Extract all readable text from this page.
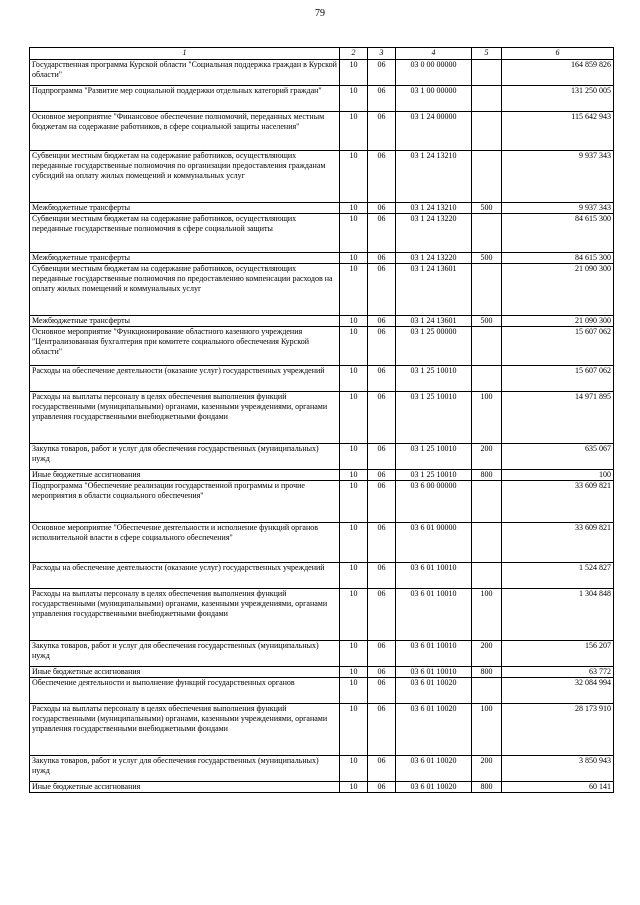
79
1	2	3	4	5	6
Государственная программа Курской области "Социальная поддержка граждан в Курской области"	10	06	03 0 00 00000		164 859 826
Подпрограмма "Развитие мер социальной поддержки отдельных категорий граждан"	10	06	03 1 00 00000		131 250 005
Основное мероприятие "Финансовое обеспечение полномочий, переданных местным бюджетам на содержание работников, в сфере социальной защиты населения"	10	06	03 1 24 00000		115 642 943
Субвенции местным бюджетам на содержание работников, осуществляющих переданные государственные полномочия по организации предоставления гражданам субсидий на оплату жилых помещений и коммунальных услуг	10	06	03 1 24 13210		9 937 343
Межбюджетные трансферты	10	06	03 1 24 13210	500	9 937 343
Субвенции местным бюджетам на содержание работников, осуществляющих переданные государственные полномочия в сфере социальной защиты	10	06	03 1 24 13220		84 615 300
Межбюджетные трансферты	10	06	03 1 24 13220	500	84 615 300
Субвенции местным бюджетам на содержание работников, осуществляющих переданные государственные полномочия по предоставлению компенсации расходов на оплату жилых помещений и коммунальных услуг	10	06	03 1 24 13601		21 090 300
Межбюджетные трансферты	10	06	03 1 24 13601	500	21 090 300
Основное мероприятие "Функционирование областного казенного учреждения "Централизованная бухгалтерия при комитете социального обеспечения Курской области"	10	06	03 1 25 00000		15 607 062
Расходы на обеспечение деятельности (оказание услуг) государственных учреждений	10	06	03 1 25 10010		15 607 062
Расходы на выплаты персоналу в целях обеспечения выполнения функций государственными (муниципальными) органами, казенными учреждениями, органами управления государственными внебюджетными фондами	10	06	03 1 25 10010	100	14 971 895
Закупка товаров, работ и услуг для обеспечения государственных (муниципальных) нужд	10	06	03 1 25 10010	200	635 067
Иные бюджетные ассигнования	10	06	03 1 25 10010	800	100
Подпрограмма "Обеспечение реализации государственной программы и прочие мероприятия в области социального обеспечения"	10	06	03 6 00 00000		33 609 821
Основное мероприятие "Обеспечение деятельности и исполнение функций органов исполнительной власти в сфере социального обеспечения"	10	06	03 6 01 00000		33 609 821
Расходы на обеспечение деятельности (оказание услуг) государственных учреждений	10	06	03 6 01 10010		1 524 827
Расходы на выплаты персоналу в целях обеспечения выполнения функций государственными (муниципальными) органами, казенными учреждениями, органами управления государственными внебюджетными фондами	10	06	03 6 01 10010	100	1 304 848
Закупка товаров, работ и услуг для обеспечения государственных (муниципальных) нужд	10	06	03 6 01 10010	200	156 207
Иные бюджетные ассигнования	10	06	03 6 01 10010	800	63 772
Обеспечение деятельности и выполнение функций государственных органов	10	06	03 6 01 10020		32 084 994
Расходы на выплаты персоналу в целях обеспечения выполнения функций государственными (муниципальными) органами, казенными учреждениями, органами управления государственными внебюджетными фондами	10	06	03 6 01 10020	100	28 173 910
Закупка товаров, работ и услуг для обеспечения государственных (муниципальных) нужд	10	06	03 6 01 10020	200	3 850 943
Иные бюджетные ассигнования	10	06	03 6 01 10020	800	60 141
